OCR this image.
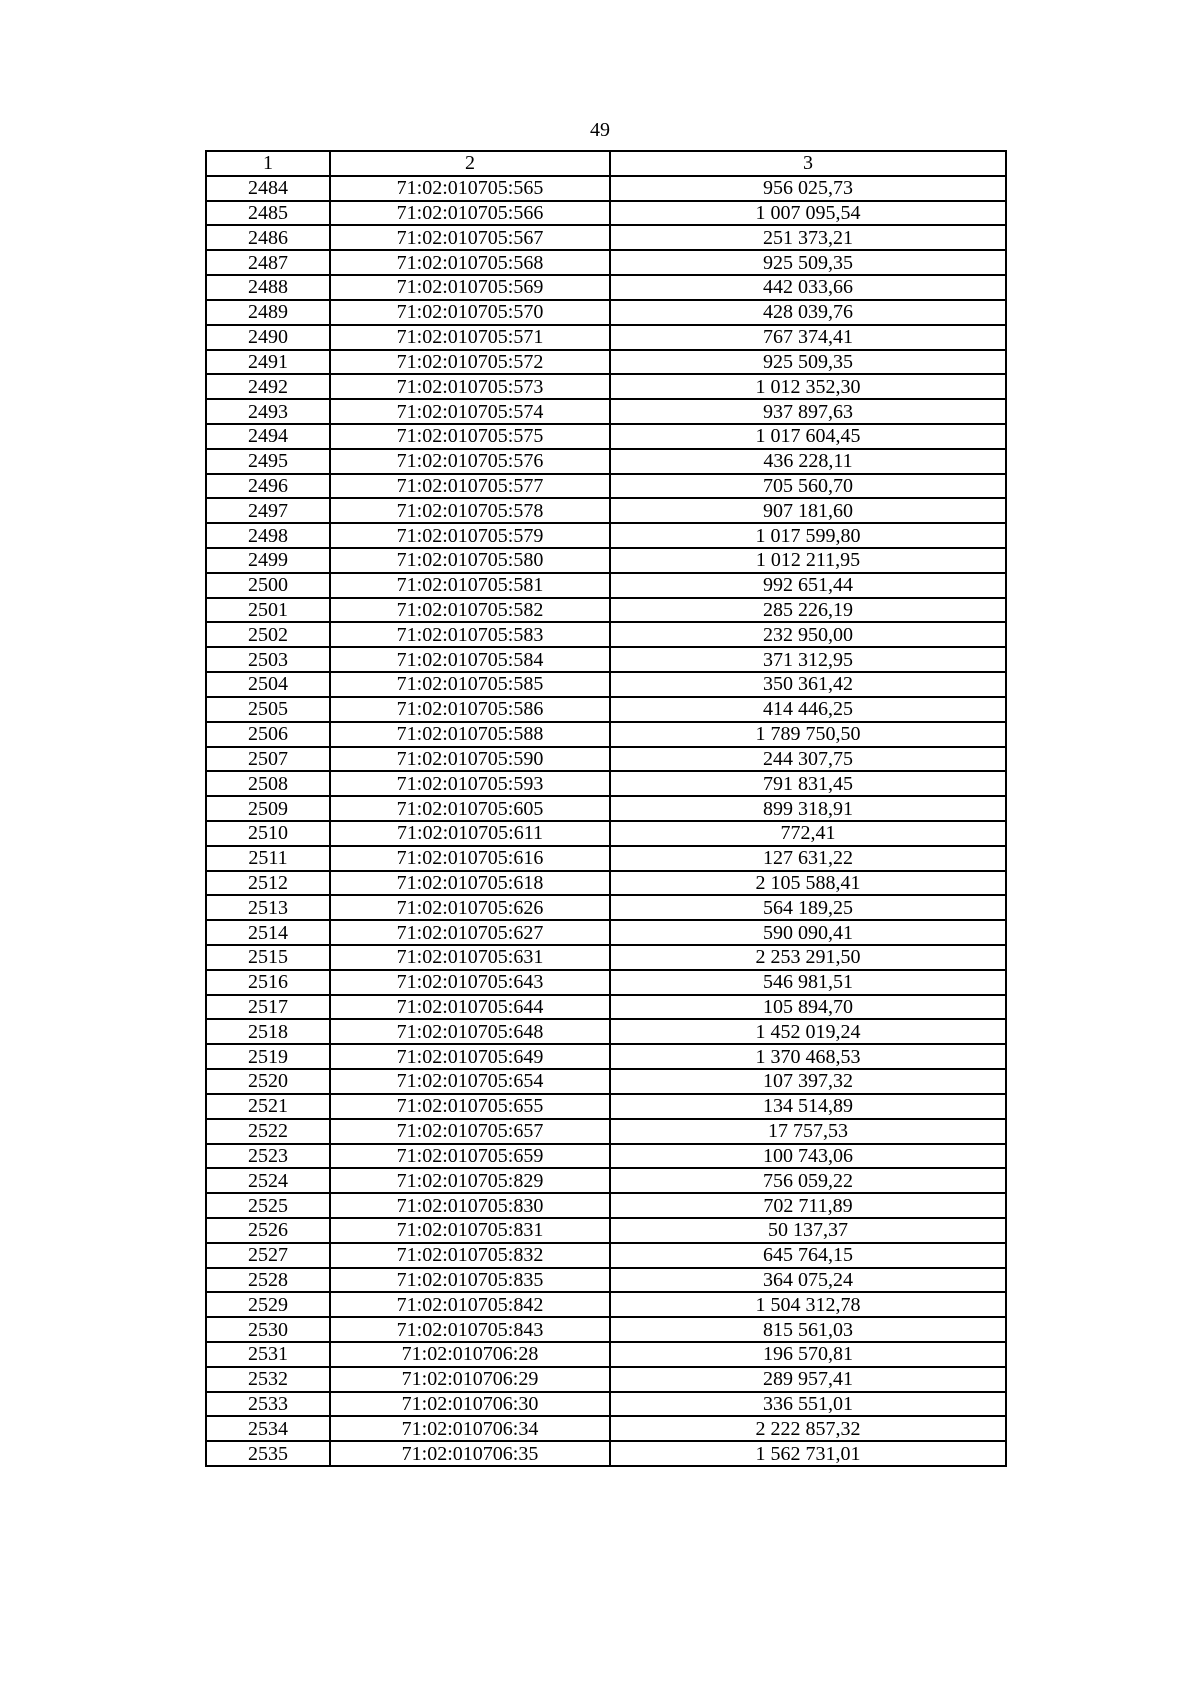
49
1	2	3
2484	71:02:010705:565	956 025,73
2485	71:02:010705:566	1 007 095,54
2486	71:02:010705:567	251 373,21
2487	71:02:010705:568	925 509,35
2488	71:02:010705:569	442 033,66
2489	71:02:010705:570	428 039,76
2490	71:02:010705:571	767 374,41
2491	71:02:010705:572	925 509,35
2492	71:02:010705:573	1 012 352,30
2493	71:02:010705:574	937 897,63
2494	71:02:010705:575	1 017 604,45
2495	71:02:010705:576	436 228,11
2496	71:02:010705:577	705 560,70
2497	71:02:010705:578	907 181,60
2498	71:02:010705:579	1 017 599,80
2499	71:02:010705:580	1 012 211,95
2500	71:02:010705:581	992 651,44
2501	71:02:010705:582	285 226,19
2502	71:02:010705:583	232 950,00
2503	71:02:010705:584	371 312,95
2504	71:02:010705:585	350 361,42
2505	71:02:010705:586	414 446,25
2506	71:02:010705:588	1 789 750,50
2507	71:02:010705:590	244 307,75
2508	71:02:010705:593	791 831,45
2509	71:02:010705:605	899 318,91
2510	71:02:010705:611	772,41
2511	71:02:010705:616	127 631,22
2512	71:02:010705:618	2 105 588,41
2513	71:02:010705:626	564 189,25
2514	71:02:010705:627	590 090,41
2515	71:02:010705:631	2 253 291,50
2516	71:02:010705:643	546 981,51
2517	71:02:010705:644	105 894,70
2518	71:02:010705:648	1 452 019,24
2519	71:02:010705:649	1 370 468,53
2520	71:02:010705:654	107 397,32
2521	71:02:010705:655	134 514,89
2522	71:02:010705:657	17 757,53
2523	71:02:010705:659	100 743,06
2524	71:02:010705:829	756 059,22
2525	71:02:010705:830	702 711,89
2526	71:02:010705:831	50 137,37
2527	71:02:010705:832	645 764,15
2528	71:02:010705:835	364 075,24
2529	71:02:010705:842	1 504 312,78
2530	71:02:010705:843	815 561,03
2531	71:02:010706:28	196 570,81
2532	71:02:010706:29	289 957,41
2533	71:02:010706:30	336 551,01
2534	71:02:010706:34	2 222 857,32
2535	71:02:010706:35	1 562 731,01
